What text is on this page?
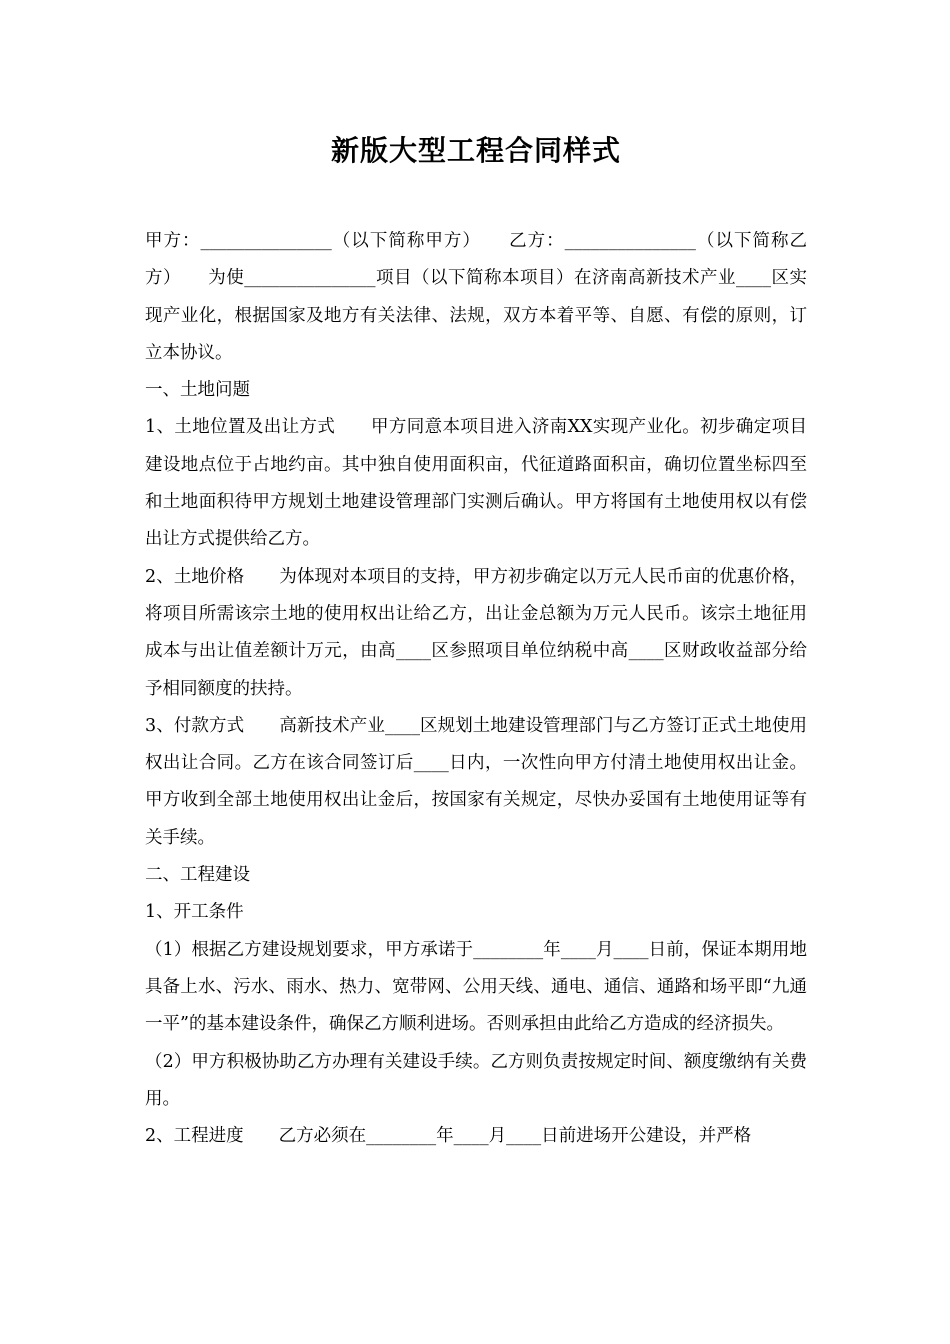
新版大型工程合同样式

甲方：_______________（以下简称甲方）　　乙方：_______________（以下简称乙方）　　为使_______________项目（以下简称本项目）在济南高新技术产业____区实现产业化，根据国家及地方有关法律、法规，双方本着平等、自愿、有偿的原则，订立本协议。

一、土地问题

1、土地位置及出让方式　　甲方同意本项目进入济南XX实现产业化。初步确定项目建设地点位于占地约亩。其中独自使用面积亩，代征道路面积亩，确切位置坐标四至和土地面积待甲方规划土地建设管理部门实测后确认。甲方将国有土地使用权以有偿出让方式提供给乙方。

2、土地价格　　为体现对本项目的支持，甲方初步确定以万元人民币亩的优惠价格，将项目所需该宗土地的使用权出让给乙方，出让金总额为万元人民币。该宗土地征用成本与出让值差额计万元，由高____区参照项目单位纳税中高____区财政收益部分给予相同额度的扶持。

3、付款方式　　高新技术产业____区规划土地建设管理部门与乙方签订正式土地使用权出让合同。乙方在该合同签订后____日内，一次性向甲方付清土地使用权出让金。甲方收到全部土地使用权出让金后，按国家有关规定，尽快办妥国有土地使用证等有关手续。

二、工程建设

1、开工条件

（1）根据乙方建设规划要求，甲方承诺于________年____月____日前，保证本期用地具备上水、污水、雨水、热力、宽带网、公用天线、通电、通信、通路和场平即“九通一平”的基本建设条件，确保乙方顺利进场。否则承担由此给乙方造成的经济损失。

（2）甲方积极协助乙方办理有关建设手续。乙方则负责按规定时间、额度缴纳有关费用。

2、工程进度　　乙方必须在________年____月____日前进场开公建设，并严格
